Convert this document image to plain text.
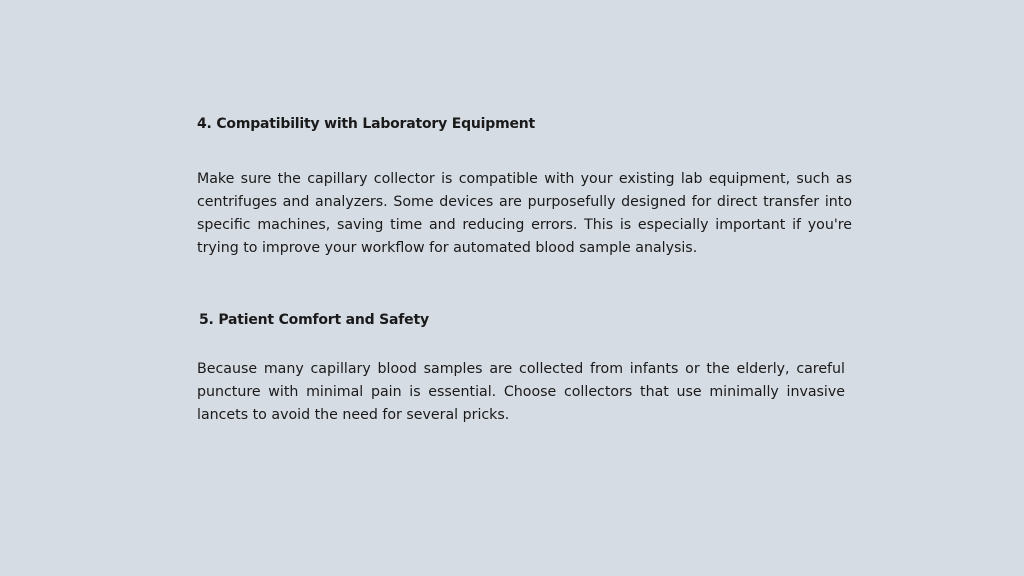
4. Compatibility with Laboratory Equipment

Make sure the capillary collector is compatible with your existing lab equipment, such as centrifuges and analyzers. Some devices are purposefully designed for direct transfer into specific machines, saving time and reducing errors. This is especially important if you're trying to improve your workflow for automated blood sample analysis.

5. Patient Comfort and Safety

Because many capillary blood samples are collected from infants or the elderly, careful puncture with minimal pain is essential. Choose collectors that use minimally invasive lancets to avoid the need for several pricks.
